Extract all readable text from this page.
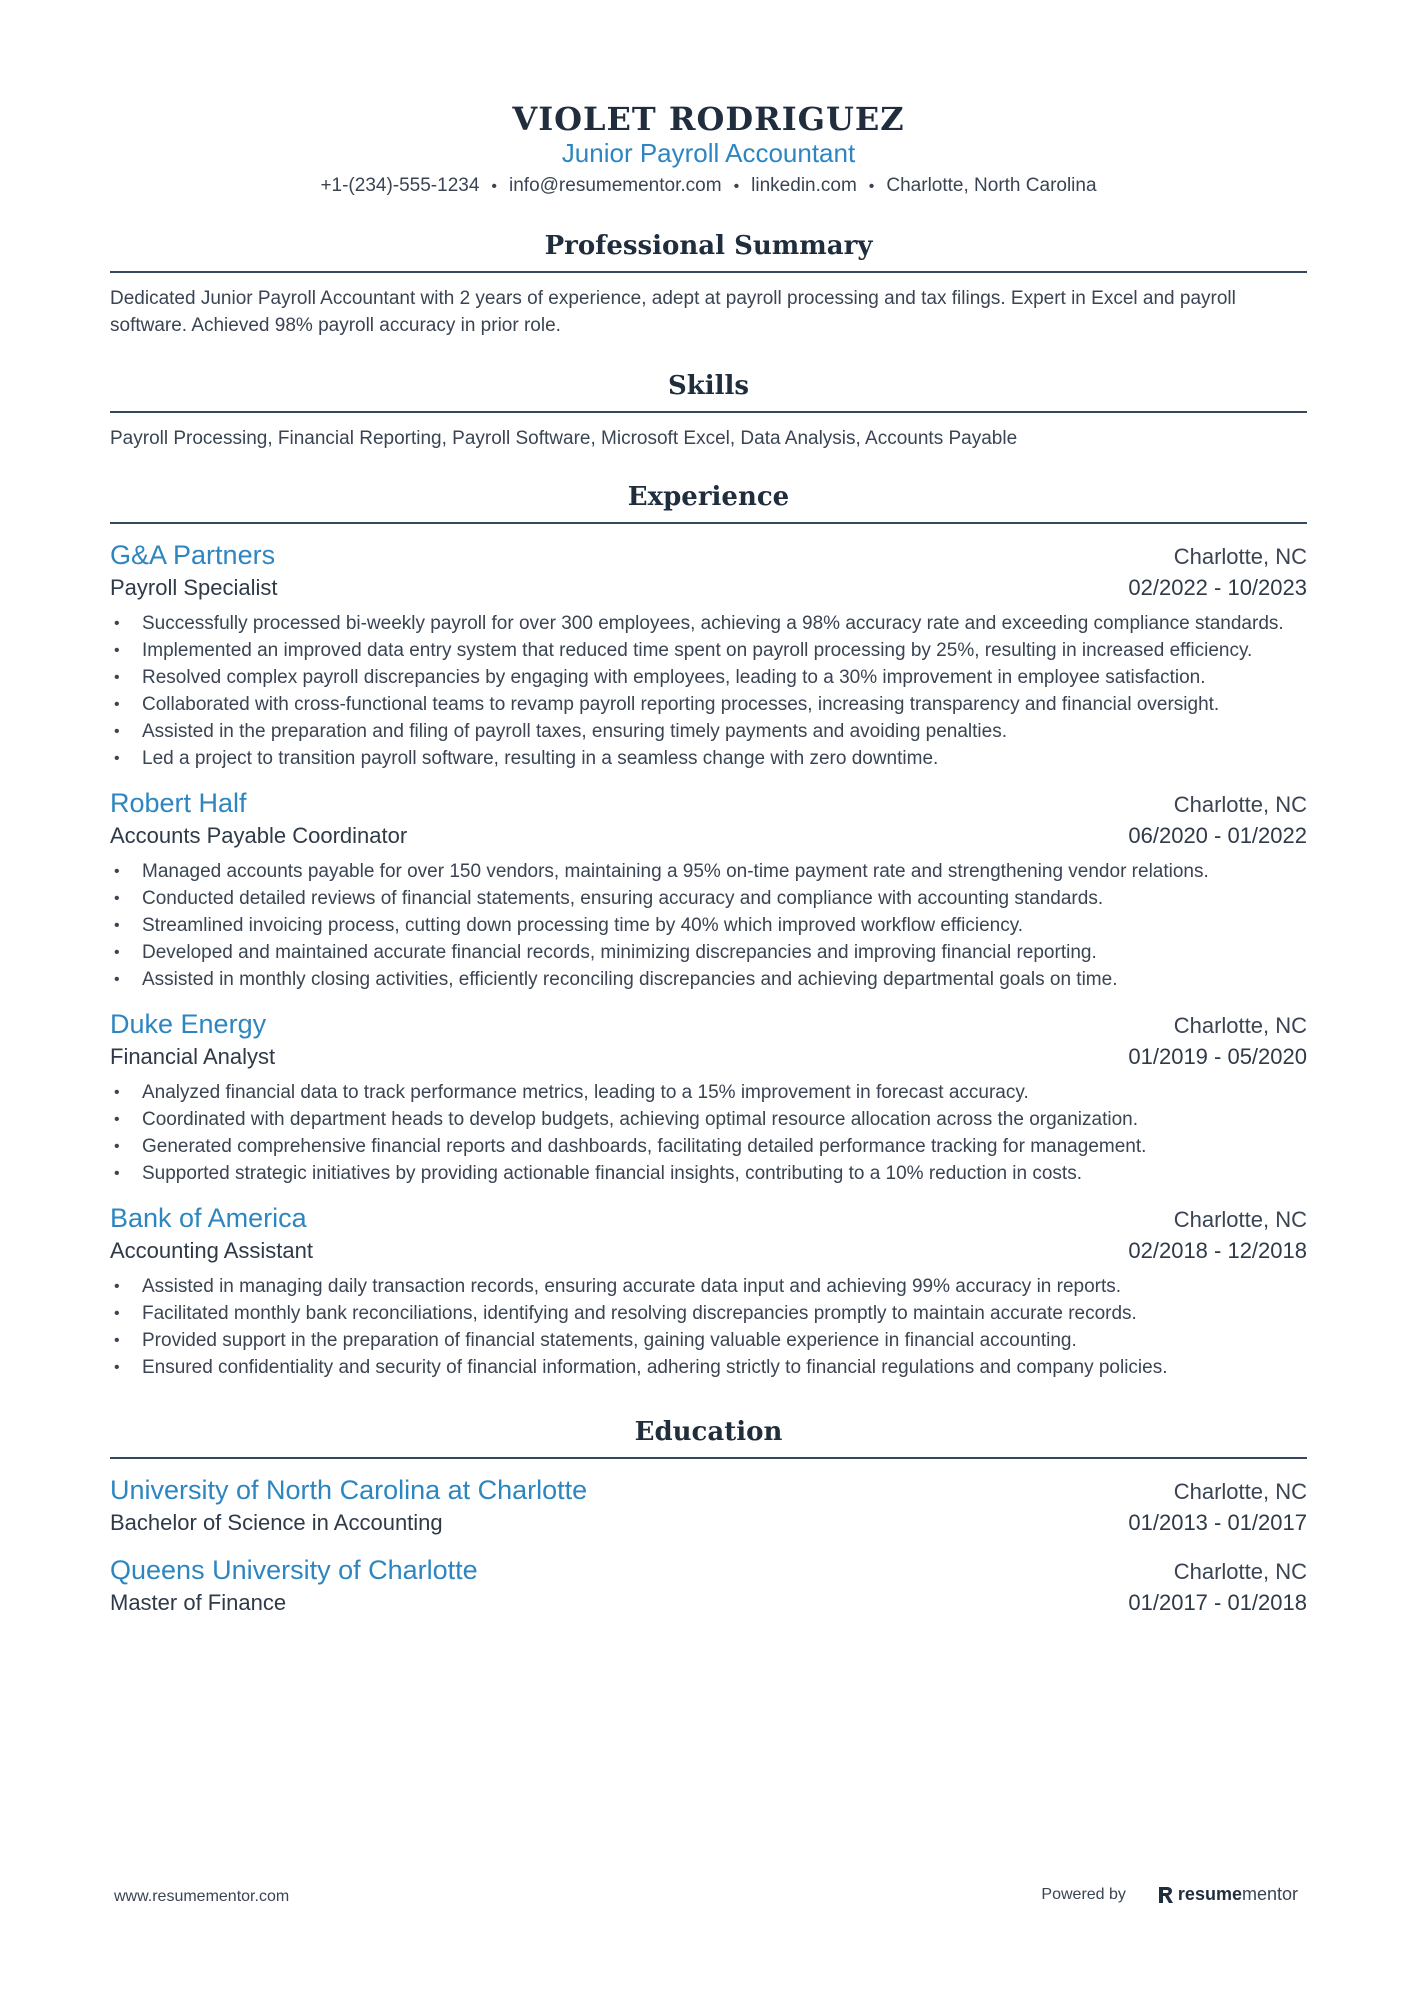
VIOLET RODRIGUEZ
Junior Payroll Accountant
+1-(234)-555-1234 • info@resumementor.com • linkedin.com • Charlotte, North Carolina
Professional Summary
Dedicated Junior Payroll Accountant with 2 years of experience, adept at payroll processing and tax filings. Expert in Excel and payroll software. Achieved 98% payroll accuracy in prior role.
Skills
Payroll Processing, Financial Reporting, Payroll Software, Microsoft Excel, Data Analysis, Accounts Payable
Experience
G&A Partners	Charlotte, NC
Payroll Specialist	02/2022 - 10/2023
• Successfully processed bi-weekly payroll for over 300 employees, achieving a 98% accuracy rate and exceeding compliance standards.
• Implemented an improved data entry system that reduced time spent on payroll processing by 25%, resulting in increased efficiency.
• Resolved complex payroll discrepancies by engaging with employees, leading to a 30% improvement in employee satisfaction.
• Collaborated with cross-functional teams to revamp payroll reporting processes, increasing transparency and financial oversight.
• Assisted in the preparation and filing of payroll taxes, ensuring timely payments and avoiding penalties.
• Led a project to transition payroll software, resulting in a seamless change with zero downtime.
Robert Half	Charlotte, NC
Accounts Payable Coordinator	06/2020 - 01/2022
• Managed accounts payable for over 150 vendors, maintaining a 95% on-time payment rate and strengthening vendor relations.
• Conducted detailed reviews of financial statements, ensuring accuracy and compliance with accounting standards.
• Streamlined invoicing process, cutting down processing time by 40% which improved workflow efficiency.
• Developed and maintained accurate financial records, minimizing discrepancies and improving financial reporting.
• Assisted in monthly closing activities, efficiently reconciling discrepancies and achieving departmental goals on time.
Duke Energy	Charlotte, NC
Financial Analyst	01/2019 - 05/2020
• Analyzed financial data to track performance metrics, leading to a 15% improvement in forecast accuracy.
• Coordinated with department heads to develop budgets, achieving optimal resource allocation across the organization.
• Generated comprehensive financial reports and dashboards, facilitating detailed performance tracking for management.
• Supported strategic initiatives by providing actionable financial insights, contributing to a 10% reduction in costs.
Bank of America	Charlotte, NC
Accounting Assistant	02/2018 - 12/2018
• Assisted in managing daily transaction records, ensuring accurate data input and achieving 99% accuracy in reports.
• Facilitated monthly bank reconciliations, identifying and resolving discrepancies promptly to maintain accurate records.
• Provided support in the preparation of financial statements, gaining valuable experience in financial accounting.
• Ensured confidentiality and security of financial information, adhering strictly to financial regulations and company policies.
Education
University of North Carolina at Charlotte	Charlotte, NC
Bachelor of Science in Accounting	01/2013 - 01/2017
Queens University of Charlotte	Charlotte, NC
Master of Finance	01/2017 - 01/2018
www.resumementor.com	Powered by	resume mentor
